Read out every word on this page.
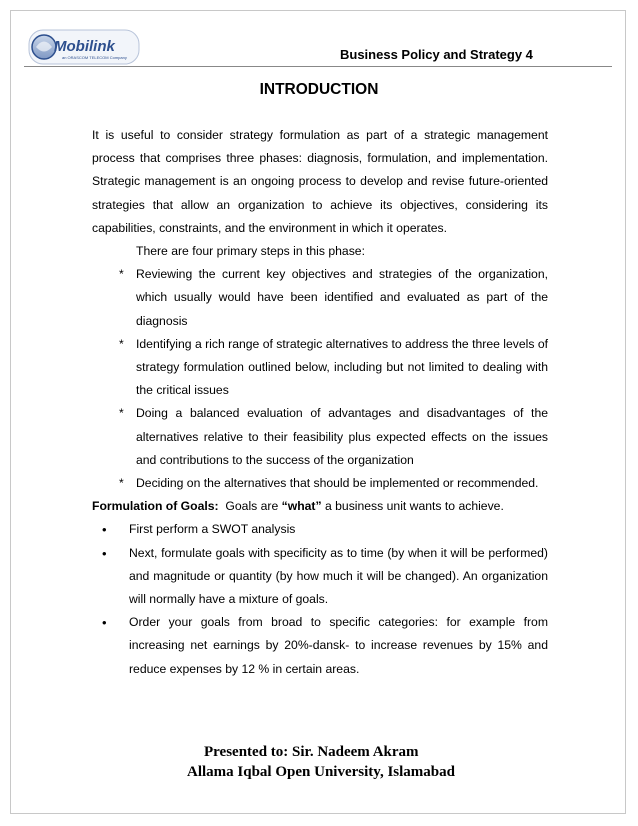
Mobilink
an ORASCOM TELECOM Company	Business Policy and Strategy 4
INTRODUCTION

It is useful to consider strategy formulation as part of a strategic management process that comprises three phases: diagnosis, formulation, and implementation. Strategic management is an ongoing process to develop and revise future-oriented strategies that allow an organization to achieve its objectives, considering its capabilities, constraints, and the environment in which it operates.

There are four primary steps in this phase:

* Reviewing the current key objectives and strategies of the organization, which usually would have been identified and evaluated as part of the diagnosis
* Identifying a rich range of strategic alternatives to address the three levels of strategy formulation outlined below, including but not limited to dealing with the critical issues
* Doing a balanced evaluation of advantages and disadvantages of the alternatives relative to their feasibility plus expected effects on the issues and contributions to the success of the organization
* Deciding on the alternatives that should be implemented or recommended.

Formulation of Goals: Goals are “what” a business unit wants to achieve.

• First perform a SWOT analysis
• Next, formulate goals with specificity as to time (by when it will be performed) and magnitude or quantity (by how much it will be changed). An organization will normally have a mixture of goals.
• Order your goals from broad to specific categories: for example from increasing net earnings by 20%-dansk- to increase revenues by 15% and reduce expenses by 12 % in certain areas.
Presented to: Sir. Nadeem Akram
Allama Iqbal Open University, Islamabad
